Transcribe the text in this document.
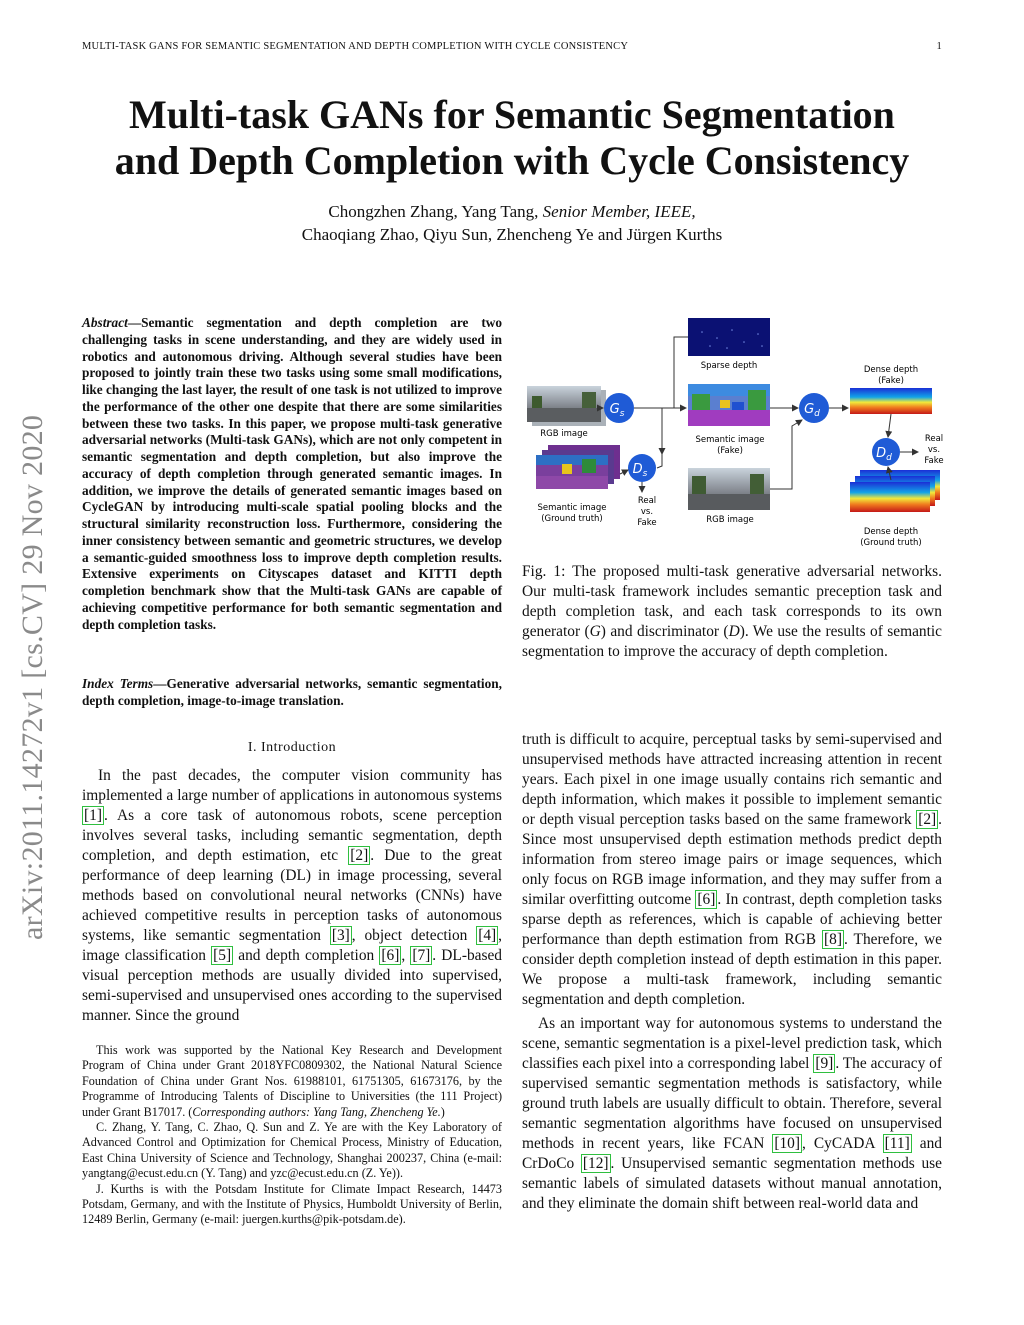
MULTI-TASK GANS FOR SEMANTIC SEGMENTATION AND DEPTH COMPLETION WITH CYCLE CONSISTENCY	1
Multi-task GANs for Semantic Segmentation
and Depth Completion with Cycle Consistency
Chongzhen Zhang, Yang Tang, Senior Member, IEEE,
Chaoqiang Zhao, Qiyu Sun, Zhencheng Ye and Jürgen Kurths
arXiv:2011.14272v1 [cs.CV] 29 Nov 2020
Abstract—Semantic segmentation and depth completion are two challenging tasks in scene understanding, and they are widely used in robotics and autonomous driving. Although several studies have been proposed to jointly train these two tasks using some small modifications, like changing the last layer, the result of one task is not utilized to improve the performance of the other one despite that there are some similarities between these two tasks. In this paper, we propose multi-task generative adversarial networks (Multi-task GANs), which are not only competent in semantic segmentation and depth completion, but also improve the accuracy of depth completion through generated semantic images. In addition, we improve the details of generated semantic images based on CycleGAN by introducing multi-scale spatial pooling blocks and the structural similarity reconstruction loss. Furthermore, considering the inner consistency between semantic and geometric structures, we develop a semantic-guided smoothness loss to improve depth completion results. Extensive experiments on Cityscapes dataset and KITTI depth completion benchmark show that the Multi-task GANs are capable of achieving competitive performance for both semantic segmentation and depth completion tasks.
Index Terms—Generative adversarial networks, semantic segmentation, depth completion, image-to-image translation.
I. Introduction

In the past decades, the computer vision community has implemented a large number of applications in autonomous systems [1] . As a core task of autonomous robots, scene perception involves several tasks, including semantic segmentation, depth completion, and depth estimation, etc [2] . Due to the great performance of deep learning (DL) in image processing, several methods based on convolutional neural networks (CNNs) have achieved competitive results in perception tasks of autonomous systems, like semantic segmentation [3] , object detection [4] , image classification [5] and depth completion [6] , [7] . DL-based visual perception methods are usually divided into supervised, semi-supervised and unsupervised ones according to the supervised manner. Since the ground

This work was supported by the National Key Research and Development Program of China under Grant 2018YFC0809302, the National Natural Science Foundation of China under Grant Nos. 61988101, 61751305, 61673176, by the Programme of Introducing Talents of Discipline to Universities (the 111 Project) under Grant B17017. (Corresponding authors: Yang Tang, Zhencheng Ye.)

C. Zhang, Y. Tang, C. Zhao, Q. Sun and Z. Ye are with the Key Laboratory of Advanced Control and Optimization for Chemical Process, Ministry of Education, East China University of Science and Technology, Shanghai 200237, China (e-mail: yangtang@ecust.edu.cn (Y. Tang) and yzc@ecust.edu.cn (Z. Ye)).

J. Kurths is with the Potsdam Institute for Climate Impact Research, 14473 Potsdam, Germany, and with the Institute of Physics, Humboldt University of Berlin, 12489 Berlin, Germany (e-mail: juergen.kurths@pik-potsdam.de).

Sparse depth
RGB image
Semantic image
(Ground truth)
Semantic image
(Fake)
RGB image
Dense depth
(Fake)
Dense depth
(Ground truth)
$G_s$	$G_d$
$D_s$
$D_d$
Real
vs.
Fake
Real
vs.
Fake
Fig. 1: The proposed multi-task generative adversarial networks. Our multi-task framework includes semantic preception task and depth completion task, and each task corresponds to its own generator (G) and discriminator (D). We use the results of semantic segmentation to improve the accuracy of depth completion.

truth is difficult to acquire, perceptual tasks by semi-supervised and unsupervised methods have attracted increasing attention in recent years. Each pixel in one image usually contains rich semantic and depth information, which makes it possible to implement semantic or depth visual perception tasks based on the same framework [2] . Since most unsupervised depth estimation methods predict depth information from stereo image pairs or image sequences, which only focus on RGB image information, and they may suffer from a similar overfitting outcome [6] . In contrast, depth completion tasks sparse depth as references, which is capable of achieving better performance than depth estimation from RGB [8] . Therefore, we consider depth completion instead of depth estimation in this paper. We propose a multi-task framework, including semantic segmentation and depth completion.

As an important way for autonomous systems to understand the scene, semantic segmentation is a pixel-level prediction task, which classifies each pixel into a corresponding label [9] . The accuracy of supervised semantic segmentation methods is satisfactory, while ground truth labels are usually difficult to obtain. Therefore, several semantic segmentation algorithms have focused on unsupervised methods in recent years, like FCAN [10] , CyCADA [11] and CrDoCo [12] . Unsupervised semantic segmentation methods use semantic labels of simulated datasets without manual annotation, and they eliminate the domain shift between real-world data and
